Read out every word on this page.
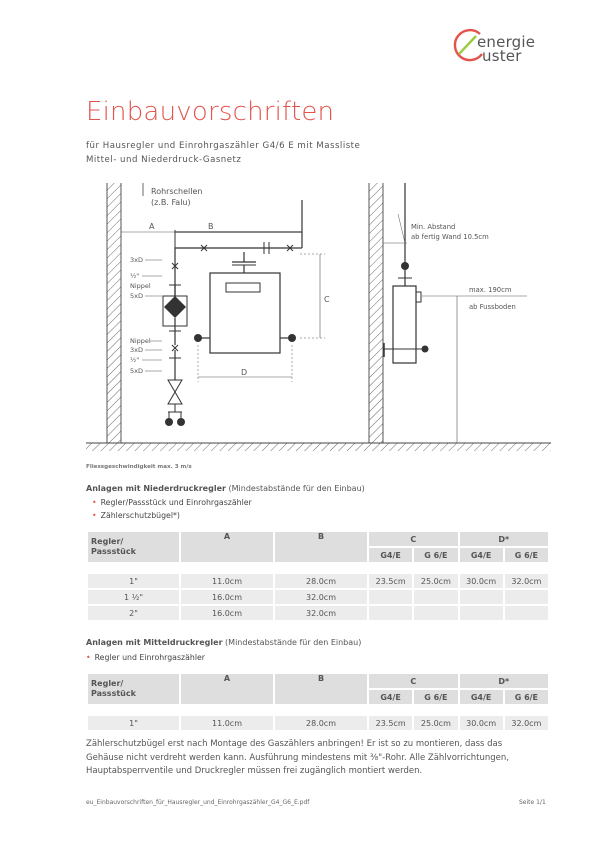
energie
uster
Einbauvorschriften
für Hausregler und Einrohrgaszähler G4/6 E mit Massliste
Mittel- und Niederdruck-Gasnetz
Rohrschellen
(z.B. Falu)
A	B
3xD
½"
Nippel
5xD
Nippel
3xD
½"
5xD
C
D
Min. Abstand
ab fertig Wand 10.5cm
max. 190cm
ab Fussboden
Fliessgeschwindigkeit max. 3 m/s
Anlagen mit Niederdruckregler (Mindestabstände für den Einbau)
• Regler/Passstück und Einrohrgaszähler
• Zählerschutzbügel*)
Regler/
Passstück	A	B	C		D*	
			G4/E	G 6/E	G4/E	G 6/E

1"	11.0cm	28.0cm	23.5cm	25.0cm	30.0cm	32.0cm
1 ½"	16.0cm	32.0cm				
2"	16.0cm	32.0cm				
Anlagen mit Mitteldruckregler (Mindestabstände für den Einbau)
• Regler und Einrohrgaszähler
Regler/
Passstück	A	B	C		D*	
			G4/E	G 6/E	G4/E	G 6/E

1"	11.0cm	28.0cm	23.5cm	25.0cm	30.0cm	32.0cm
Zählerschutzbügel erst nach Montage des Gaszählers anbringen! Er ist so zu montieren, dass das
Gehäuse nicht verdreht werden kann. Ausführung mindestens mit ⅜"-Rohr. Alle Zählvorrichtungen,
Hauptabsperrventile und Druckregler müssen frei zugänglich montiert werden.
eu_Einbauvorschriften_für_Hausregler_und_Einrohrgaszähler_G4_G6_E.pdf	Seite 1/1
